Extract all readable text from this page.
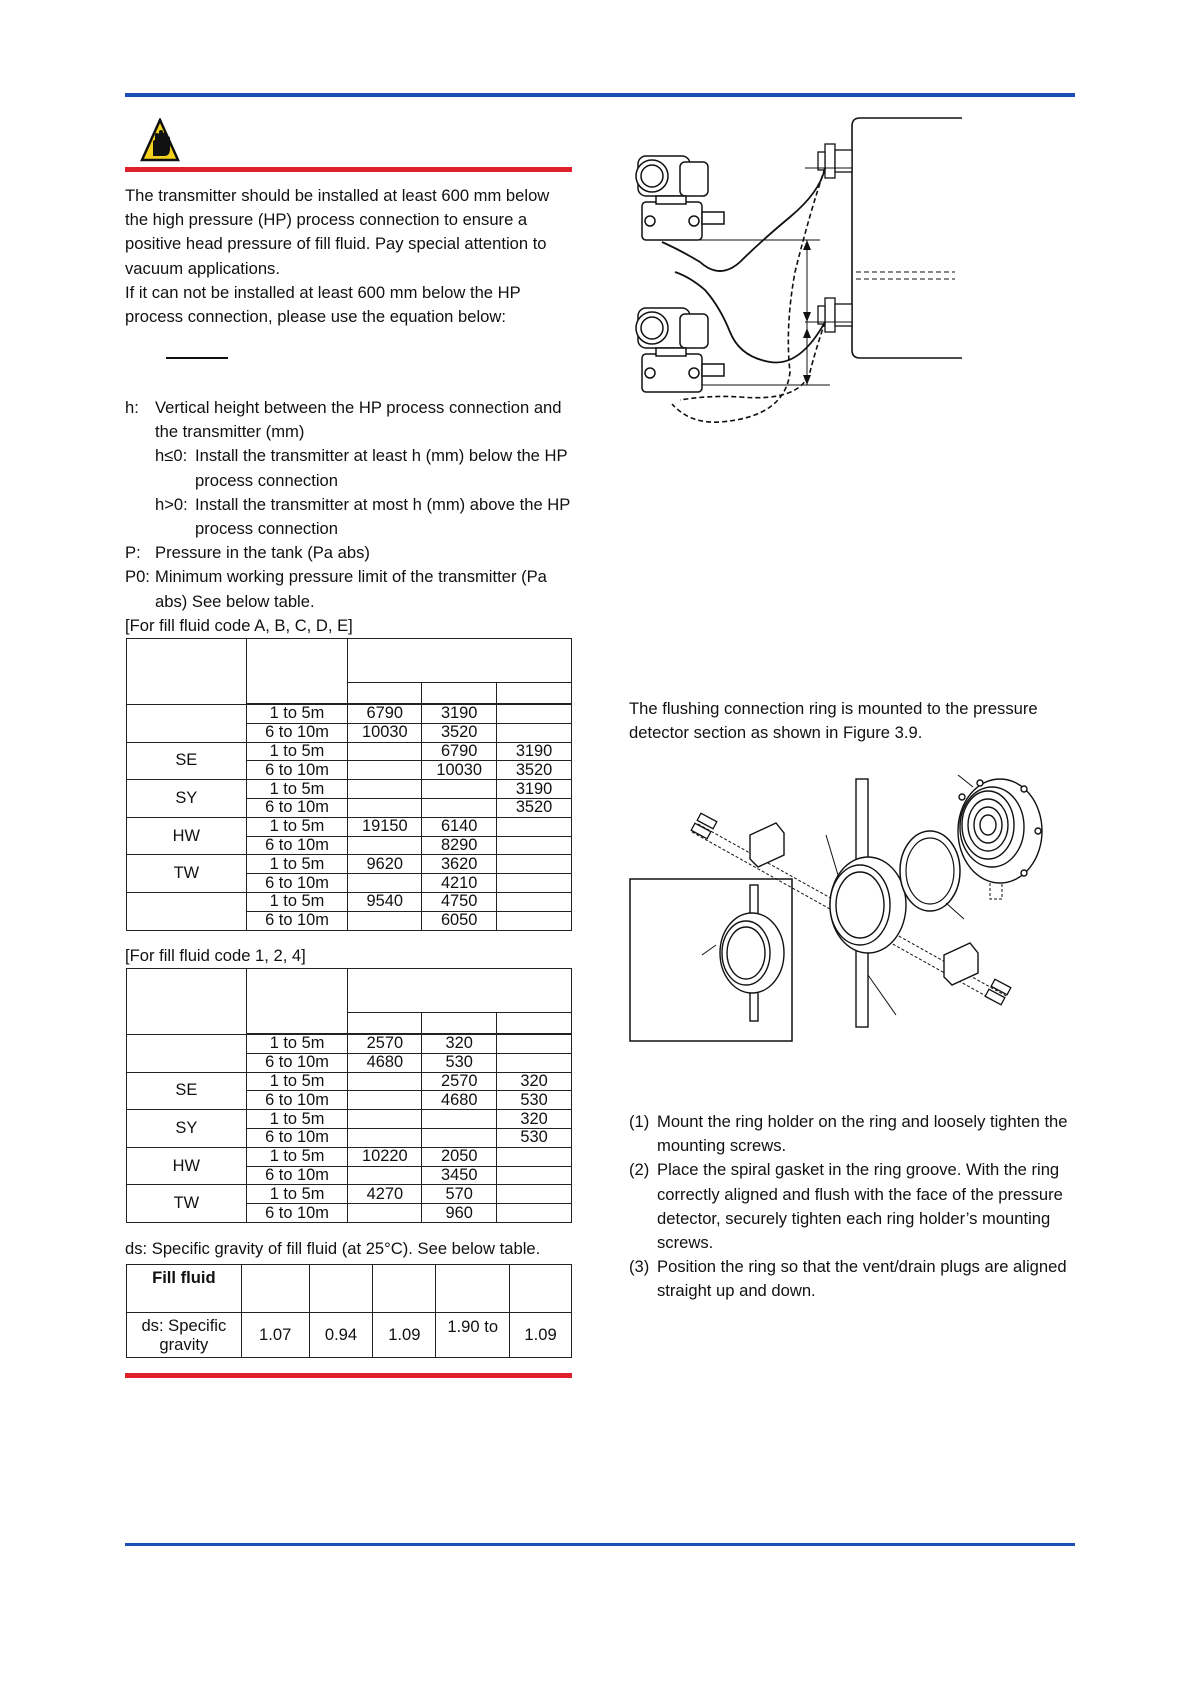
The transmitter should be installed at least 600 mm below the high pressure (HP) process connection to ensure a positive head pressure of fill fluid. Pay special attention to vacuum applications.

If it can not be installed at least 600 mm below the HP process connection, please use the equation below:

h: Vertical height between the HP process connection and the transmitter (mm)
h≤0: Install the transmitter at least h (mm) below the HP process connection
h>0: Install the transmitter at most h (mm) above the HP process connection
P: Pressure in the tank (Pa abs)
P0: Minimum working pressure limit of the transmitter (Pa abs) See below table.
[For fill fluid code A, B, C, D, E]

	1 to 5m	6790	3190	
	6 to 10m	10030	3520	
SE	1 to 5m		6790	3190
	6 to 10m		10030	3520
SY	1 to 5m			3190
	6 to 10m			3520
HW	1 to 5m	19150	6140	
	6 to 10m		8290	
TW	1 to 5m	9620	3620	
	6 to 10m		4210	
	1 to 5m	9540	4750	
	6 to 10m		6050	
[For fill fluid code 1, 2, 4]

	1 to 5m	2570	320	
	6 to 10m	4680	530	
SE	1 to 5m		2570	320
	6 to 10m		4680	530
SY	1 to 5m			320
	6 to 10m			530
HW	1 to 5m	10220	2050	
	6 to 10m		3450	
TW	1 to 5m	4270	570	
	6 to 10m		960	
ds: Specific gravity of fill fluid (at 25°C). See below table.
Fill fluid					
ds: Specific gravity	1.07	0.94	1.09	1.90 to	1.09
The flushing connection ring is mounted to the pressure detector section as shown in Figure 3.9.
(1) Mount the ring holder on the ring and loosely tighten the mounting screws.
(2) Place the spiral gasket in the ring groove. With the ring correctly aligned and flush with the face of the pressure detector, securely tighten each ring holder’s mounting screws.
(3) Position the ring so that the vent/drain plugs are aligned straight up and down.
